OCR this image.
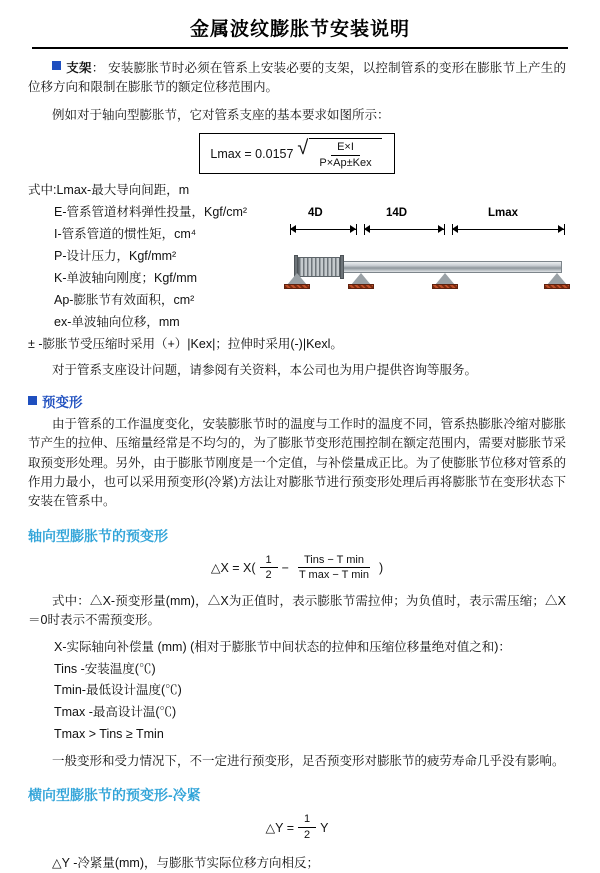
金属波纹膨胀节安装说明

支架： 安装膨胀节时必须在管系上安装必要的支架，以控制管系的变形在膨胀节上产生的位移方向和限制在膨胀节的额定位移范围内。

例如对于轴向型膨胀节，它对管系支座的基本要求如图所示：

Lmax = 0.0157 √ $\frac{E\times I}{\text{P×Ap±Kex}}$
式中:Lmax-最大导向间距，m
E-管系管道材料弹性投量，Kgf/cm²
I-管系管道的惯性矩，cm⁴
P-设计压力，Kgf/mm²
K-单波轴向刚度；Kgf/mm
Ap-膨胀节有效面积，cm²
ex-单波轴向位移，mm
± -膨胀节受压缩时采用（+）|Kex|；拉伸时采用(-)|Kexl。

对于管系支座设计问题，请参阅有关资料，本公司也为用户提供咨询等服务。

预变形

由于管系的工作温度变化，安装膨胀节时的温度与工作时的温度不同，管系热膨胀冷缩对膨胀节产生的拉伸、压缩量经常是不均匀的，为了膨胀节变形范围控制在额定范围内，需要对膨胀节采取预变形处理。另外，由于膨胀节刚度是一个定值，与补偿量成正比。为了使膨胀节位移对管系的作用力最小，也可以采用预变形(冷紧)方法让对膨胀节进行预变形处理后再将膨胀节在变形状态下安装在管系中。

轴向型膨胀节的预变形
△X = $X( \frac{1}{2} - \frac{\text{Tins − T min}}{\text{T max − T min}}$ )

式中：△X-预变形量(mm)，△X为正值时，表示膨胀节需拉伸；为负值时，表示需压缩；△X＝0时表示不需预变形。

X-实际轴向补偿量 (mm) (相对于膨胀节中间状态的拉伸和压缩位移量绝对值之和)：
Tins -安装温度(℃)
Tmin-最低设计温度(℃)
Tmax -最高设计温(℃)
Tmax > Tins ≥ Tmin

一般变形和受力情况下，不一定进行预变形，足否预变形对膨胀节的疲劳寿命几乎没有影响。

横向型膨胀节的预变形-冷紧
△Y = $\frac{1}{2}$ Y

△Y -冷紧量(mm)，与膨胀节实际位移方向相反；

4D	14D	Lmax
